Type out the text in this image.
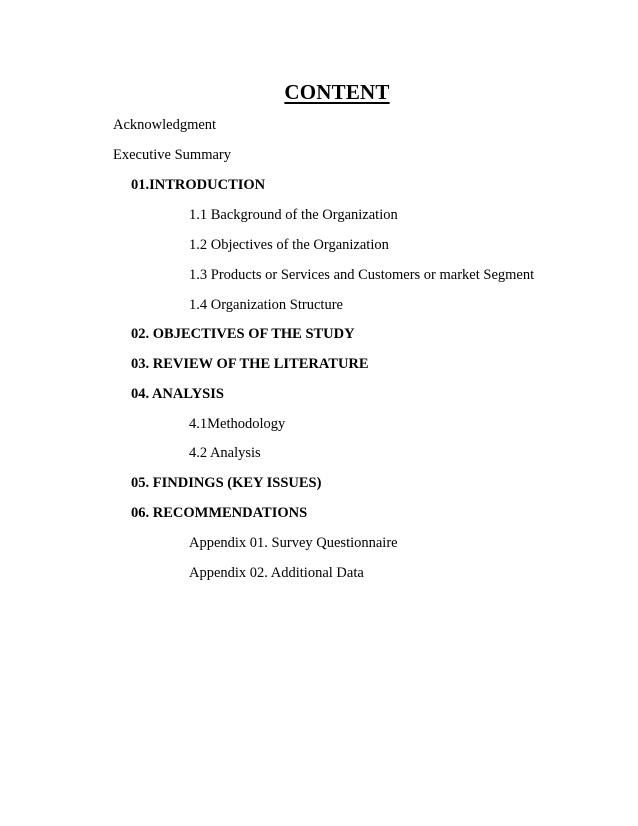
CONTENT
Acknowledgment
Executive Summary
01.INTRODUCTION
1.1 Background of the Organization
1.2 Objectives of the Organization
1.3 Products or Services and Customers or market Segment
1.4 Organization Structure
02. OBJECTIVES OF THE STUDY
03. REVIEW OF THE LITERATURE
04. ANALYSIS
4.1Methodology
4.2 Analysis
05. FINDINGS (KEY ISSUES)
06. RECOMMENDATIONS
Appendix 01. Survey Questionnaire
Appendix 02. Additional Data
